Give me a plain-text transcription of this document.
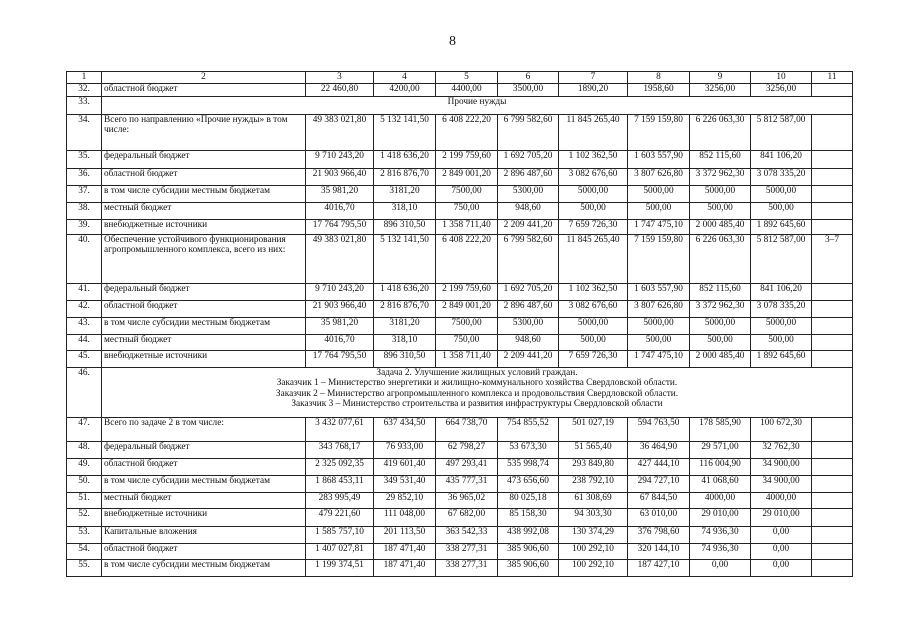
8
1	2	3	4	5	6	7	8	9	10	11
32.	областной бюджет	22 460,80	4200,00	4400,00	3500,00	1890,20	1958,60	3256,00	3256,00	
33.	Прочие нужды									
34.	Всего по направлению «Прочие нужды» в том числе:	49 383 021,80	5 132 141,50	6 408 222,20	6 799 582,60	11 845 265,40	7 159 159,80	6 226 063,30	5 812 587,00	
35.	федеральный бюджет	9 710 243,20	1 418 636,20	2 199 759,60	1 692 705,20	1 102 362,50	1 603 557,90	852 115,60	841 106,20	
36.	областной бюджет	21 903 966,40	2 816 876,70	2 849 001,20	2 896 487,60	3 082 676,60	3 807 626,80	3 372 962,30	3 078 335,20	
37.	в том числе субсидии местным бюджетам	35 981,20	3181,20	7500,00	5300,00	5000,00	5000,00	5000,00	5000,00	
38.	местный бюджет	4016,70	318,10	750,00	948,60	500,00	500,00	500,00	500,00	
39.	внебюджетные источники	17 764 795,50	896 310,50	1 358 711,40	2 209 441,20	7 659 726,30	1 747 475,10	2 000 485,40	1 892 645,60	
40.	Обеспечение устойчивого функционирования агропромышленного комплекса, всего из них:	49 383 021,80	5 132 141,50	6 408 222,20	6 799 582,60	11 845 265,40	7 159 159,80	6 226 063,30	5 812 587,00	3–7
41.	федеральный бюджет	9 710 243,20	1 418 636,20	2 199 759,60	1 692 705,20	1 102 362,50	1 603 557,90	852 115,60	841 106,20	
42.	областной бюджет	21 903 966,40	2 816 876,70	2 849 001,20	2 896 487,60	3 082 676,60	3 807 626,80	3 372 962,30	3 078 335,20	
43.	в том числе субсидии местным бюджетам	35 981,20	3181,20	7500,00	5300,00	5000,00	5000,00	5000,00	5000,00	
44.	местный бюджет	4016,70	318,10	750,00	948,60	500,00	500,00	500,00	500,00	
45.	внебюджетные источники	17 764 795,50	896 310,50	1 358 711,40	2 209 441,20	7 659 726,30	1 747 475,10	2 000 485,40	1 892 645,60	
46.	Задача 2. Улучшение жилищных условий граждан.
Заказчик 1 – Министерство энергетики и жилищно-коммунального хозяйства Свердловской области.
Заказчик 2 – Министерство агропромышленного комплекса и продовольствия Свердловской области.
Заказчик 3 – Министерство строительства и развития инфраструктуры Свердловской области									

47.	Всего по задаче 2 в том числе:	3 432 077,61	637 434,50	664 738,70	754 855,52	501 027,19	594 763,50	178 585,90	100 672,30	
48.	федеральный бюджет	343 768,17	76 933,00	62 798,27	53 673,30	51 565,40	36 464,90	29 571,00	32 762,30	
49.	областной бюджет	2 325 092,35	419 601,40	497 293,41	535 998,74	293 849,80	427 444,10	116 004,90	34 900,00	
50.	в том числе субсидии местным бюджетам	1 868 453,11	349 531,40	435 777,31	473 656,60	238 792,10	294 727,10	41 068,60	34 900,00	
51.	местный бюджет	283 995,49	29 852,10	36 965,02	80 025,18	61 308,69	67 844,50	4000,00	4000,00	
52.	внебюджетные источники	479 221,60	111 048,00	67 682,00	85 158,30	94 303,30	63 010,00	29 010,00	29 010,00	
53.	Капитальные вложения	1 585 757,10	201 113,50	363 542,33	438 992,08	130 374,29	376 798,60	74 936,30	0,00	
54.	областной бюджет	1 407 027,81	187 471,40	338 277,31	385 906,60	100 292,10	320 144,10	74 936,30	0,00	
55.	в том числе субсидии местным бюджетам	1 199 374,51	187 471,40	338 277,31	385 906,60	100 292,10	187 427,10	0,00	0,00	
